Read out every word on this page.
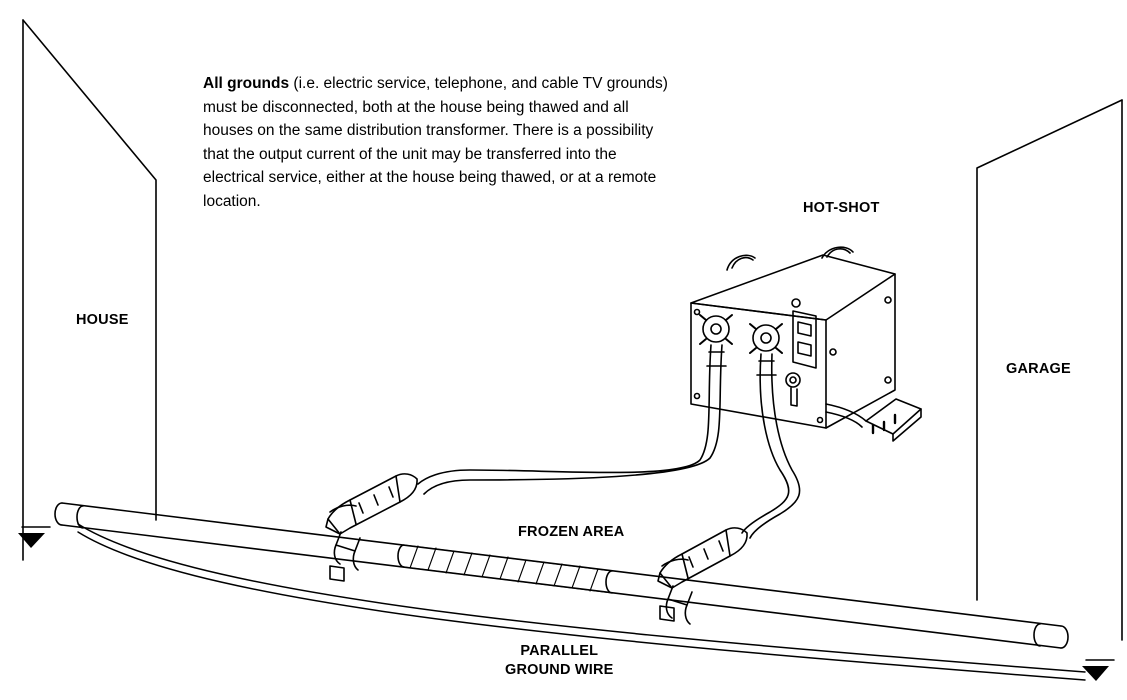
All grounds (i.e. electric service, telephone, and cable TV grounds) must be disconnected, both at the house being thawed and all houses on the same distribution transformer. There is a possibility that the output current of the unit may be transferred into the electrical service, either at the house being thawed, or at a remote location.
HOUSE
GARAGE
HOT-SHOT
FROZEN AREA
PARALLEL
GROUND WIRE
